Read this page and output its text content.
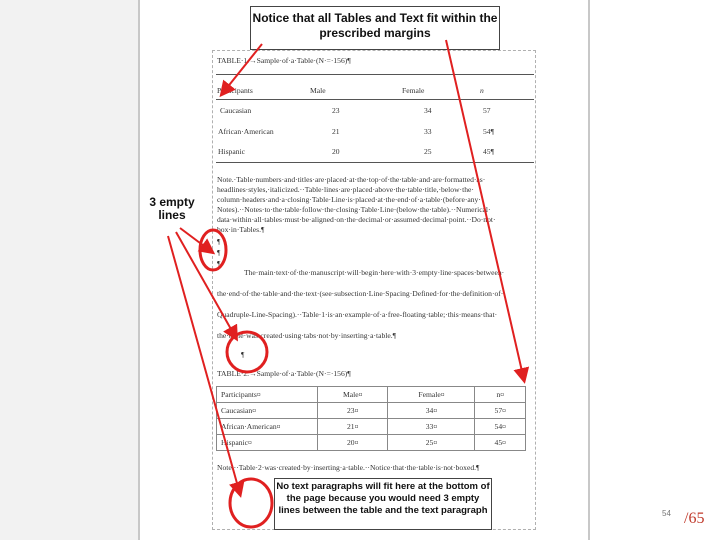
Notice that all Tables and Text fit within the prescribed margins
3 empty lines
No text paragraphs will fit here at the bottom of the page because you would need 3 empty lines between the table and the text paragraph
TABLE·1.→Sample·of·a·Table·(N·=·156)¶
Participants	Male	Female	n
Caucasian	23	34	57
African·American	21	33	54¶
Hispanic	20	25	45¶
Note.·Table·numbers·and·titles·are·placed·at·the·top·of·the·table·and·are·formatted·as·
headlines·styles,·italicized.··Table·lines·are·placed·above·the·table·title,·below·the·
column·headers·and·a·closing·Table·Line·is·placed·at·the·end·of·a·table·(before·any·
Notes).··Notes·to·the·table·follow·the·closing·Table·Line·(below·the·table).··Numerical·
data·within·all·tables·must·be·aligned·on·the·decimal·or·assumed·decimal·point.··Do·not·
box·in·Tables.¶
¶
¶
¶
The·main·text·of·the·manuscript·will·begin·here·with·3·empty·line·spaces·between·
the·end·of·the·table·and·the·text·(see·subsection·Line·Spacing·Defined·for·the·definition·of·
Quadruple-Line-Spacing).··Table·1·is·an·example·of·a·free-floating·table;·this·means·that·
the·table·was·created·using·tabs·not·by·inserting·a·table.¶
¶
TABLE·2.→Sample·of·a·Table·(N·=·156)¶
Participants¤	Male¤	Female¤	n¤
Caucasian¤	23¤	34¤	57¤
African·American¤	21¤	33¤	54¤
Hispanic¤	20¤	25¤	45¤
Note.··Table·2·was·created·by·inserting·a·table.··Notice·that·the·table·is·not·boxed.¶
54 /65
